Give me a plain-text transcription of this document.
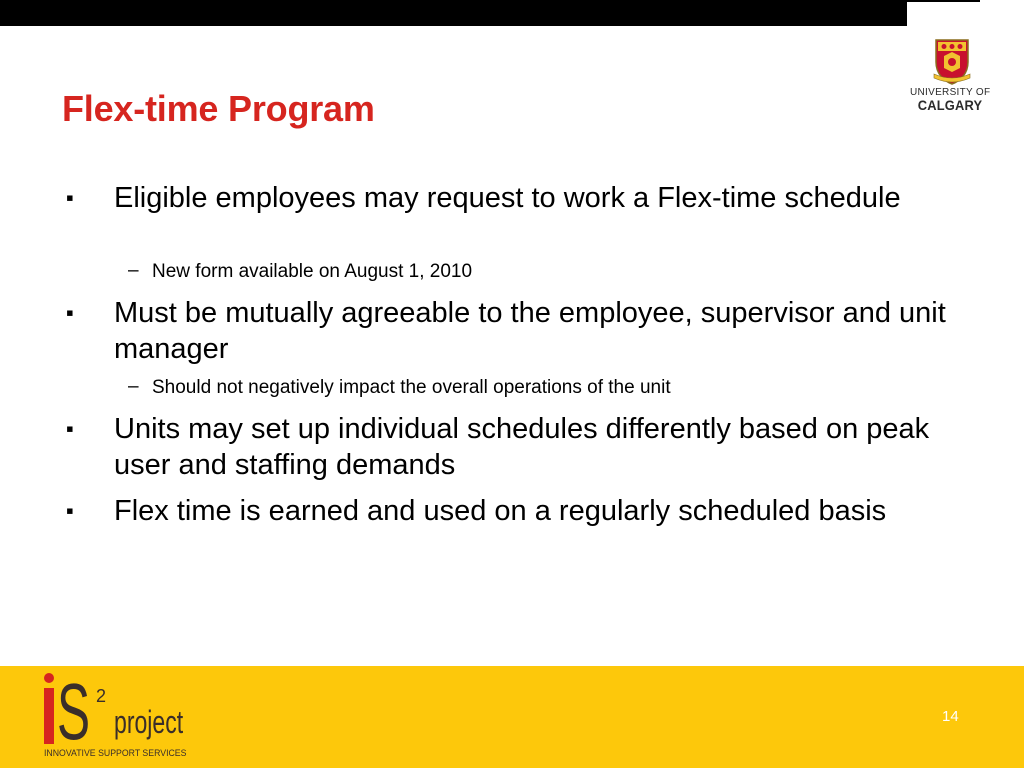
Flex-time Program	UNIVERSITY OF
CALGARY
▪ Eligible employees may request to work a Flex-time schedule
– New form available on August 1, 2010
▪ Must be mutually agreeable to the employee, supervisor and unit manager
– Should not negatively impact the overall operations of the unit
▪ Units may set up individual schedules differently based on peak user and staffing demands
▪ Flex time is earned and used on a regularly scheduled basis
S 2
project
INNOVATIVE SUPPORT SERVICES
14
